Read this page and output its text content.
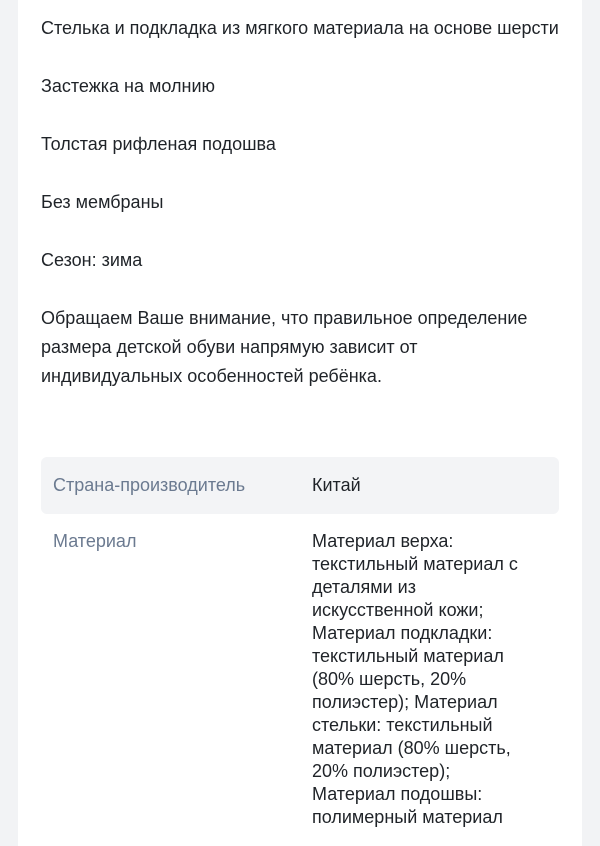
Стелька и подкладка из мягкого материала на основе шерсти

Застежка на молнию

Толстая рифленая подошва

Без мембраны

Сезон: зима

Обращаем Ваше внимание, что правильное определение размера детской обуви напрямую зависит от индивидуальных особенностей ребёнка.

Страна-производитель	Китай
Материал	Материал верха:
текстильный материал с
деталями из
искусственной кожи;
Материал подкладки:
текстильный материал
(80% шерсть, 20%
полиэстер); Материал
стельки: текстильный
материал (80% шерсть,
20% полиэстер);
Материал подошвы:
полимерный материал
